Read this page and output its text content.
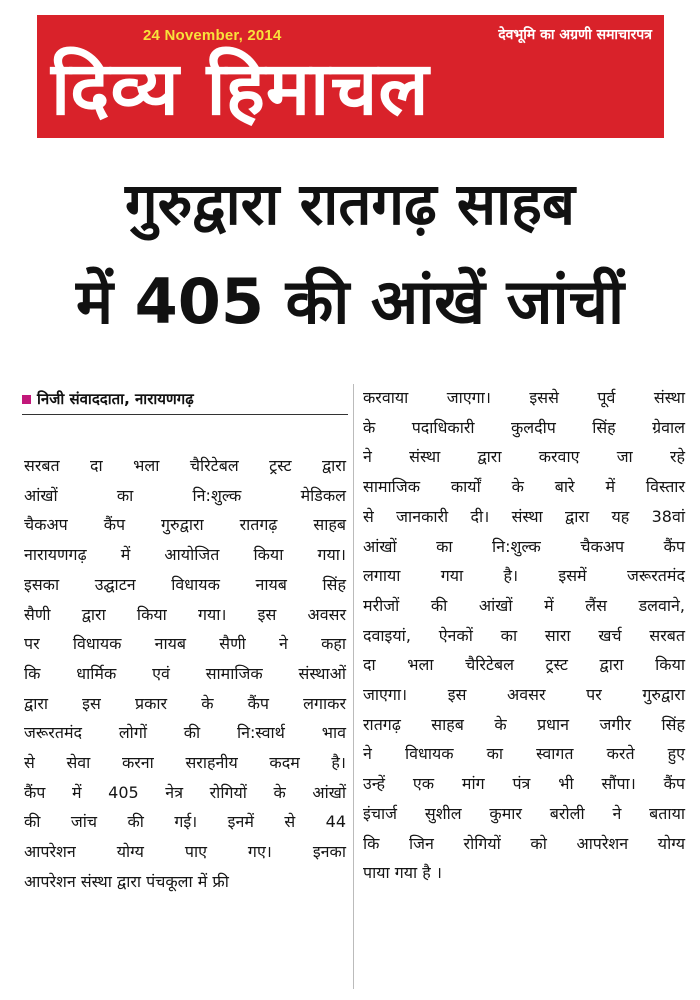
24 November, 2014	देवभूमि का अग्रणी समाचारपत्र
दिव्य हिमाचल
गुरुद्वारा रातगढ़ साहब
में 405 की आंखें जांचीं
निजी संवाददाता, नारायणगढ़
सरबत दा भला चैरिटेबल ट्रस्ट द्वारा
आंखों का नि:शुल्क मेडिकल
चैकअप कैंप गुरुद्वारा रातगढ़ साहब
नारायणगढ़ में आयोजित किया गया।
इसका उद्घाटन विधायक नायब सिंह
सैणी द्वारा किया गया। इस अवसर
पर विधायक नायब सैणी ने कहा
कि धार्मिक एवं सामाजिक संस्थाओं
द्वारा इस प्रकार के कैंप लगाकर
जरूरतमंद लोगों की नि:स्वार्थ भाव
से सेवा करना सराहनीय कदम है।
कैंप में 405 नेत्र रोगियों के आंखों
की जांच की गई। इनमें से 44
आपरेशन योग्य पाए गए। इनका
आपरेशन संस्था द्वारा पंचकूला में फ्री
करवाया जाएगा। इससे पूर्व संस्था
के पदाधिकारी कुलदीप सिंह ग्रेवाल
ने संस्था द्वारा करवाए जा रहे
सामाजिक कार्यों के बारे में विस्तार
से जानकारी दी। संस्था द्वारा यह 38वां
आंखों का नि:शुल्क चैकअप कैंप
लगाया गया है। इसमें जरूरतमंद
मरीजों की आंखों में लैंस डलवाने,
दवाइयां, ऐनकों का सारा खर्च सरबत
दा भला चैरिटेबल ट्रस्ट द्वारा किया
जाएगा। इस अवसर पर गुरुद्वारा
रातगढ़ साहब के प्रधान जगीर सिंह
ने विधायक का स्वागत करते हुए
उन्हें एक मांग पंत्र भी सौंपा। कैंप
इंचार्ज सुशील कुमार बरोली ने बताया
कि जिन रोगियों को आपरेशन योग्य
पाया गया है ।
